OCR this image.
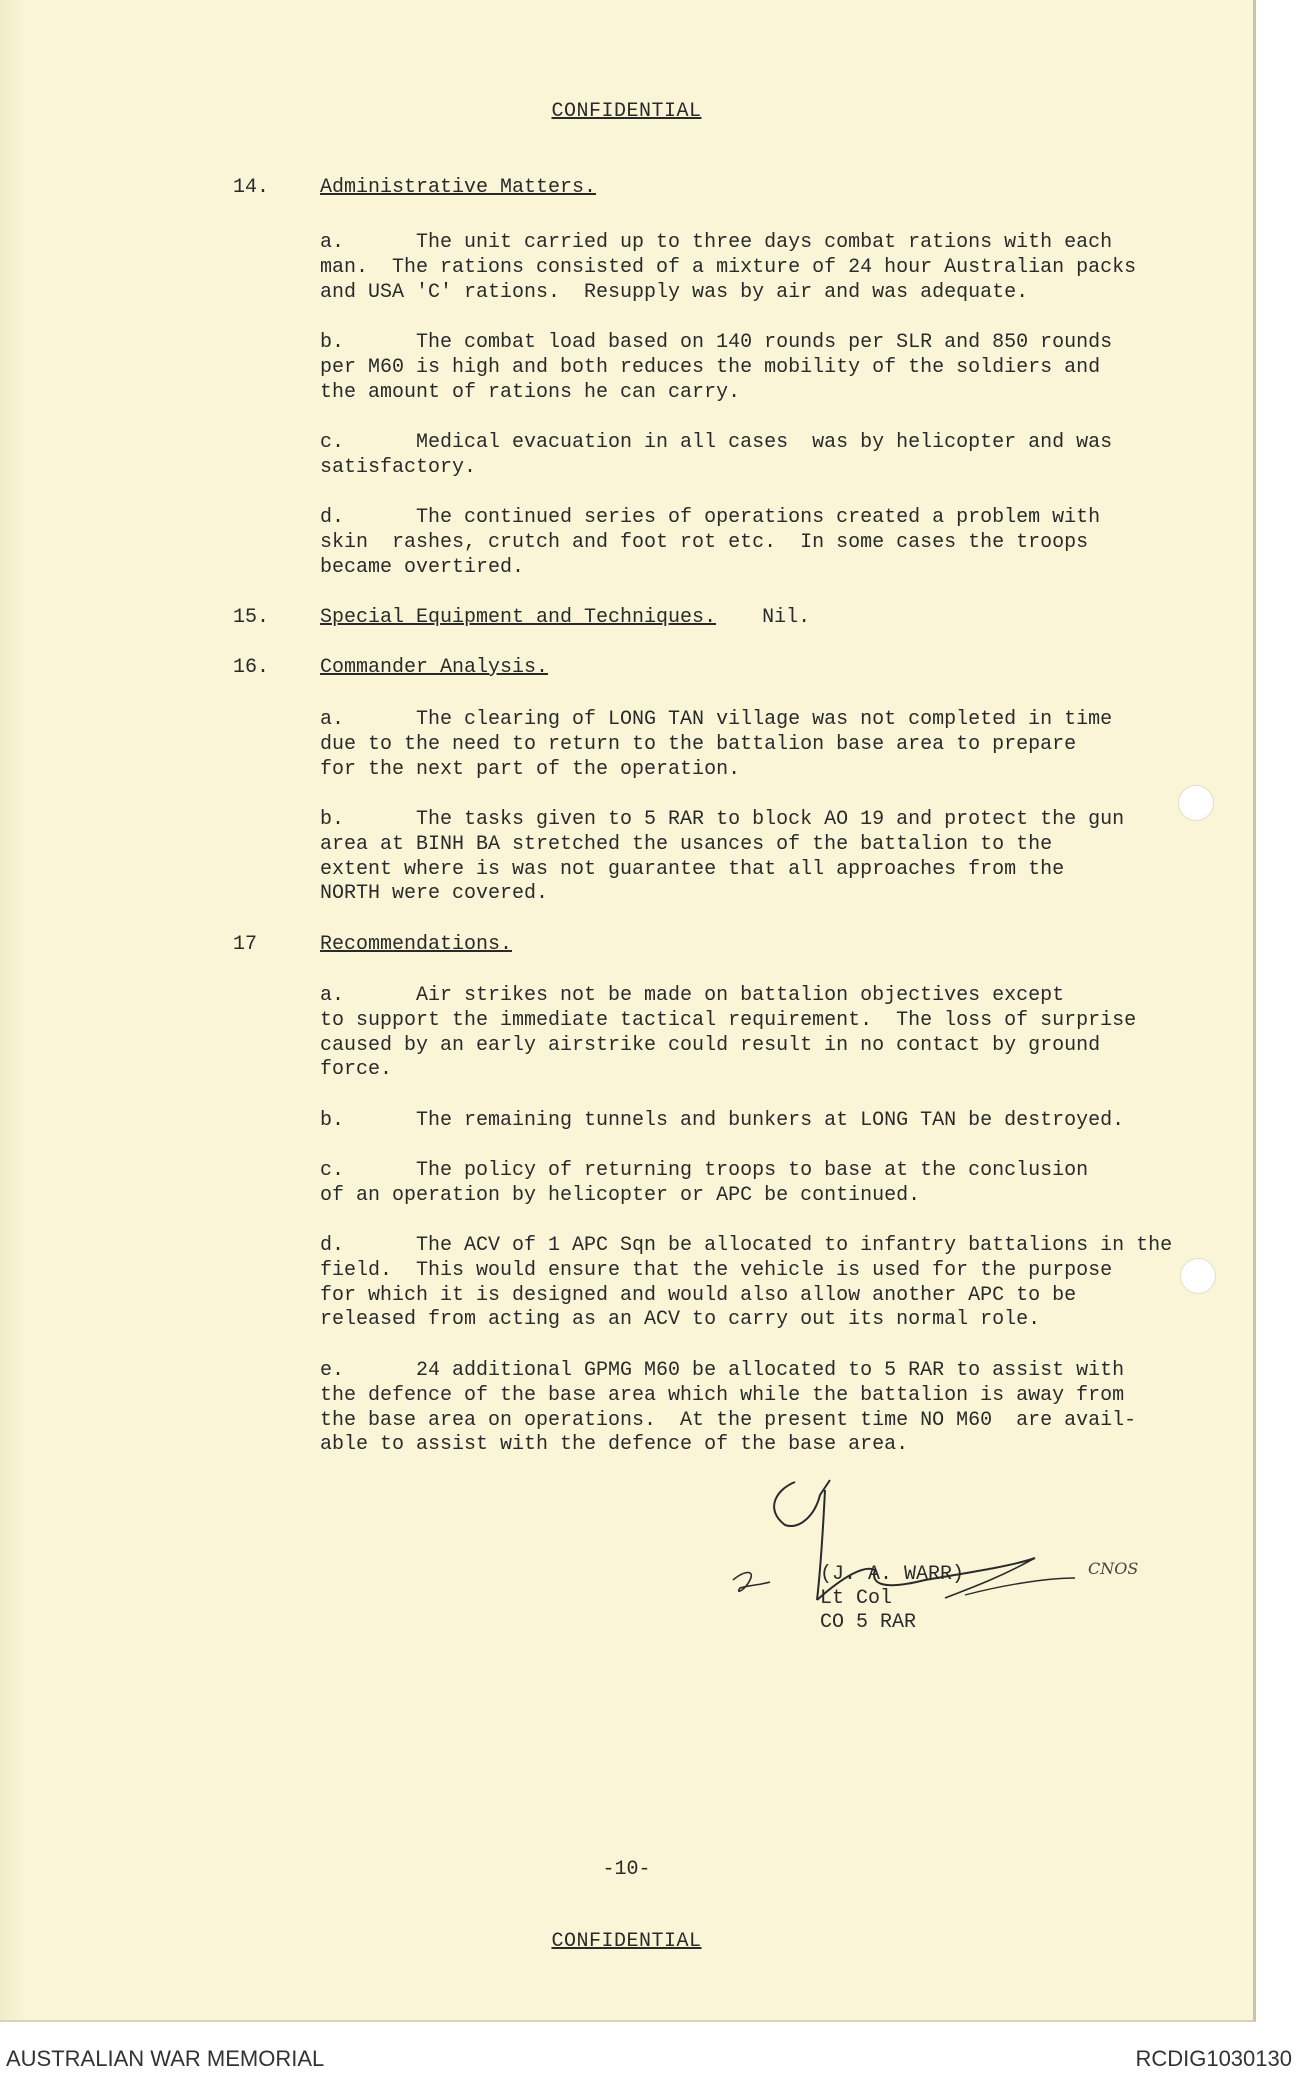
CONFIDENTIAL
14.	Administrative Matters.
a.      The unit carried up to three days combat rations with each
man.  The rations consisted of a mixture of 24 hour Australian packs
and USA 'C' rations.  Resupply was by air and was adequate.
b.      The combat load based on 140 rounds per SLR and 850 rounds
per M60 is high and both reduces the mobility of the soldiers and
the amount of rations he can carry.
c.      Medical evacuation in all cases  was by helicopter and was
satisfactory.
d.      The continued series of operations created a problem with
skin  rashes, crutch and foot rot etc.  In some cases the troops
became overtired.
15.	Special Equipment and Techniques. Nil.
16.	Commander Analysis.
a.      The clearing of LONG TAN village was not completed in time
due to the need to return to the battalion base area to prepare
for the next part of the operation.
b.      The tasks given to 5 RAR to block AO 19 and protect the gun
area at BINH BA stretched the usances of the battalion to the
extent where is was not guarantee that all approaches from the
NORTH were covered.
17	Recommendations.
a.      Air strikes not be made on battalion objectives except
to support the immediate tactical requirement.  The loss of surprise
caused by an early airstrike could result in no contact by ground
force.
b.      The remaining tunnels and bunkers at LONG TAN be destroyed.
c.      The policy of returning troops to base at the conclusion
of an operation by helicopter or APC be continued.
d.      The ACV of 1 APC Sqn be allocated to infantry battalions in the
field.  This would ensure that the vehicle is used for the purpose
for which it is designed and would also allow another APC to be
released from acting as an ACV to carry out its normal role.
e.      24 additional GPMG M60 be allocated to 5 RAR to assist with
the defence of the base area which while the battalion is away from
the base area on operations.  At the present time NO M60  are avail-
able to assist with the defence of the base area.
CNOS
(J. A. WARR)
Lt Col
CO 5 RAR
-10-
CONFIDENTIAL
AUSTRALIAN WAR MEMORIAL	RCDIG1030130
